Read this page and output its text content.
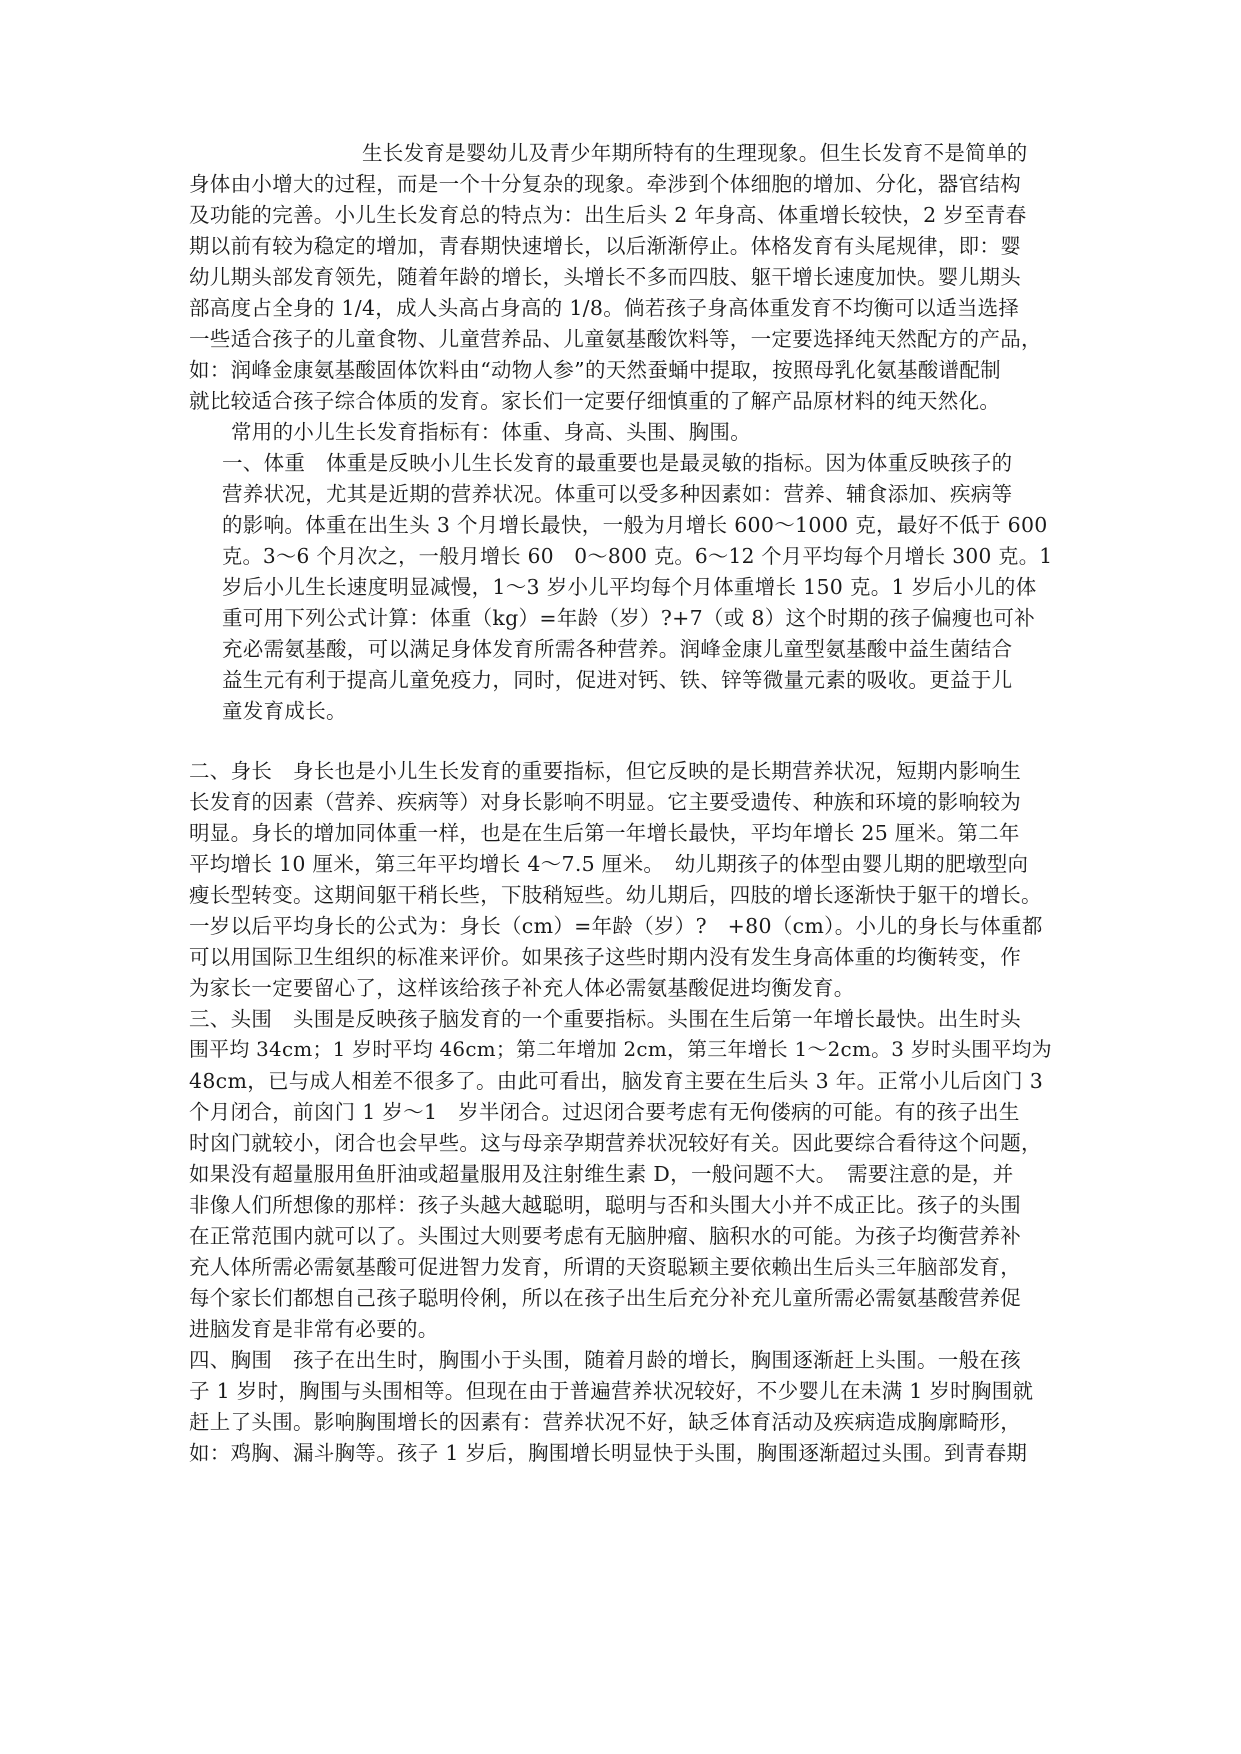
生长发育是婴幼儿及青少年期所特有的生理现象。但生长发育不是简单的
身体由小增大的过程，而是一个十分复杂的现象。牵涉到个体细胞的增加、分化，器官结构
及功能的完善。小儿生长发育总的特点为：出生后头 2 年身高、体重增长较快，2 岁至青春
期以前有较为稳定的增加，青春期快速增长，以后渐渐停止。体格发育有头尾规律，即：婴
幼儿期头部发育领先，随着年龄的增长，头增长不多而四肢、躯干增长速度加快。婴儿期头
部高度占全身的 1/4，成人头高占身高的 1/8。倘若孩子身高体重发育不均衡可以适当选择
一些适合孩子的儿童食物、儿童营养品、儿童氨基酸饮料等，一定要选择纯天然配方的产品，
如：润峰金康氨基酸固体饮料由“动物人参”的天然蚕蛹中提取，按照母乳化氨基酸谱配制
就比较适合孩子综合体质的发育。家长们一定要仔细慎重的了解产品原材料的纯天然化。
常用的小儿生长发育指标有：体重、身高、头围、胸围。
一、体重　体重是反映小儿生长发育的最重要也是最灵敏的指标。因为体重反映孩子的
营养状况，尤其是近期的营养状况。体重可以受多种因素如：营养、辅食添加、疾病等
的影响。体重在出生头 3 个月增长最快，一般为月增长 600～1000 克，最好不低于 600
克。3～6 个月次之，一般月增长 60　0～800 克。6～12 个月平均每个月增长 300 克。1
岁后小儿生长速度明显减慢，1～3 岁小儿平均每个月体重增长 150 克。1 岁后小儿的体
重可用下列公式计算：体重（kg）=年龄（岁）?+7（或 8）这个时期的孩子偏瘦也可补
充必需氨基酸，可以满足身体发育所需各种营养。润峰金康儿童型氨基酸中益生菌结合
益生元有利于提高儿童免疫力，同时，促进对钙、铁、锌等微量元素的吸收。更益于儿
童发育成长。
二、身长　身长也是小儿生长发育的重要指标，但它反映的是长期营养状况，短期内影响生
长发育的因素（营养、疾病等）对身长影响不明显。它主要受遗传、种族和环境的影响较为
明显。身长的增加同体重一样，也是在生后第一年增长最快，平均年增长 25 厘米。第二年
平均增长 10 厘米，第三年平均增长 4～7.5 厘米。　幼儿期孩子的体型由婴儿期的肥墩型向
瘦长型转变。这期间躯干稍长些，下肢稍短些。幼儿期后，四肢的增长逐渐快于躯干的增长。
一岁以后平均身长的公式为：身长（cm）=年龄（岁）?　+80（cm）。小儿的身长与体重都
可以用国际卫生组织的标准来评价。如果孩子这些时期内没有发生身高体重的均衡转变，作
为家长一定要留心了，这样该给孩子补充人体必需氨基酸促进均衡发育。
三、头围　头围是反映孩子脑发育的一个重要指标。头围在生后第一年增长最快。出生时头
围平均 34cm；1 岁时平均 46cm；第二年增加 2cm，第三年增长 1～2cm。3 岁时头围平均为
48cm，已与成人相差不很多了。由此可看出，脑发育主要在生后头 3 年。正常小儿后囟门 3
个月闭合，前囟门 1 岁～1　岁半闭合。过迟闭合要考虑有无佝偻病的可能。有的孩子出生
时囟门就较小，闭合也会早些。这与母亲孕期营养状况较好有关。因此要综合看待这个问题，
如果没有超量服用鱼肝油或超量服用及注射维生素 D，一般问题不大。　需要注意的是，并
非像人们所想像的那样：孩子头越大越聪明，聪明与否和头围大小并不成正比。孩子的头围
在正常范围内就可以了。头围过大则要考虑有无脑肿瘤、脑积水的可能。为孩子均衡营养补
充人体所需必需氨基酸可促进智力发育，所谓的天资聪颖主要依赖出生后头三年脑部发育，
每个家长们都想自己孩子聪明伶俐，所以在孩子出生后充分补充儿童所需必需氨基酸营养促
进脑发育是非常有必要的。
四、胸围　孩子在出生时，胸围小于头围，随着月龄的增长，胸围逐渐赶上头围。一般在孩
子 1 岁时，胸围与头围相等。但现在由于普遍营养状况较好，不少婴儿在未满 1 岁时胸围就
赶上了头围。影响胸围增长的因素有：营养状况不好，缺乏体育活动及疾病造成胸廓畸形，
如：鸡胸、漏斗胸等。孩子 1 岁后，胸围增长明显快于头围，胸围逐渐超过头围。到青春期
